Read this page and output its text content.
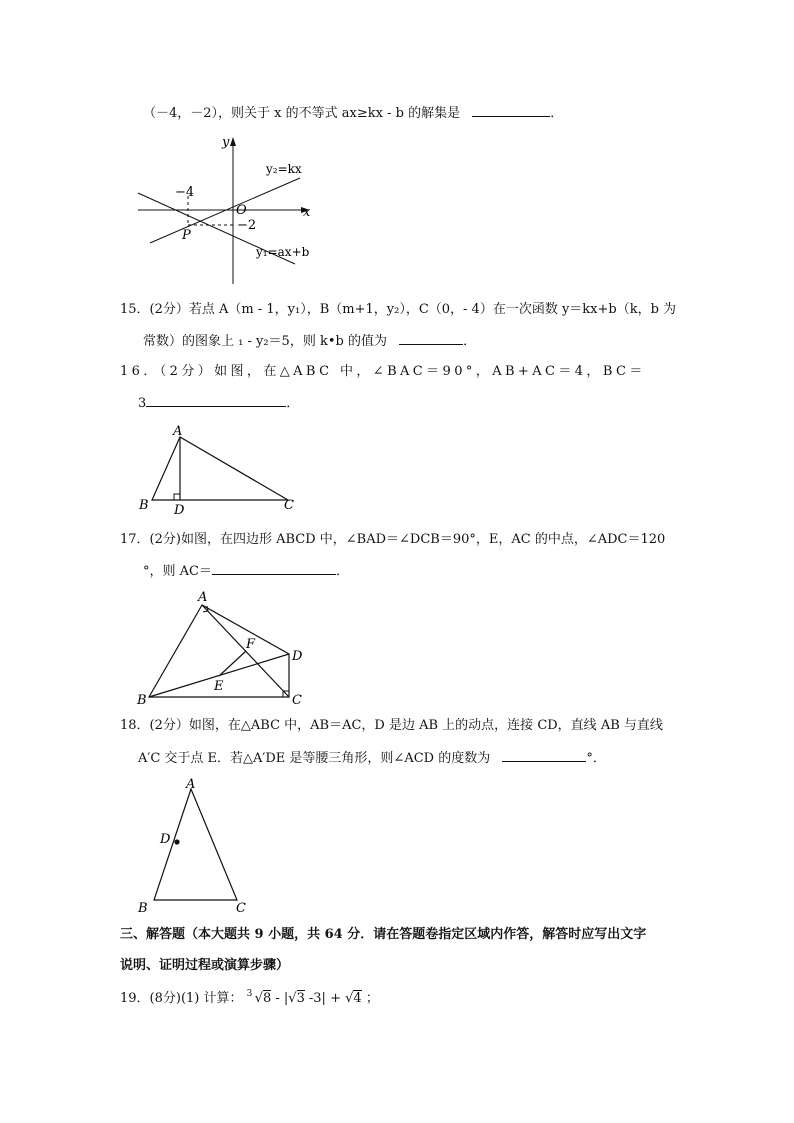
（－4，－2），则关于 x 的不等式 ax≥kx - b 的解集是	．
y
x
O
−4
−2
P
y₂=kx
y₁=ax+b
15．(2分）若点 A（m - 1，y₁），B（m+1，y₂），C（0，- 4）在一次函数 y＝kx+b（k，b 为
常数）的图象上 ₁ - y₂＝5，则 k•b 的值为	．
16．（2分）如图，在△ABC 中，∠BAC＝90°，AB+AC＝4，BC＝
3	．
A
B	C
D
17．(2分)如图，在四边形 ABCD 中，∠BAD＝∠DCB＝90°，E，AC 的中点，∠ADC＝120
°，则 AC＝	．
A
B	C
D
E
F
18．(2分）如图，在△ABC 中，AB＝AC，D 是边 AB 上的动点，连接 CD，直线 AB 与直线
A′C 交于点 E．若△A′DE 是等腰三角形，则∠ACD 的度数为	°．
A
B	C
D
三、解答题（本大题共 9 小题，共 64 分．请在答题卷指定区域内作答，解答时应写出文字
说明、证明过程或演算步骤）
19．(8分)(1) 计算： 3 √8 - |√3 -3| + √4 ；
